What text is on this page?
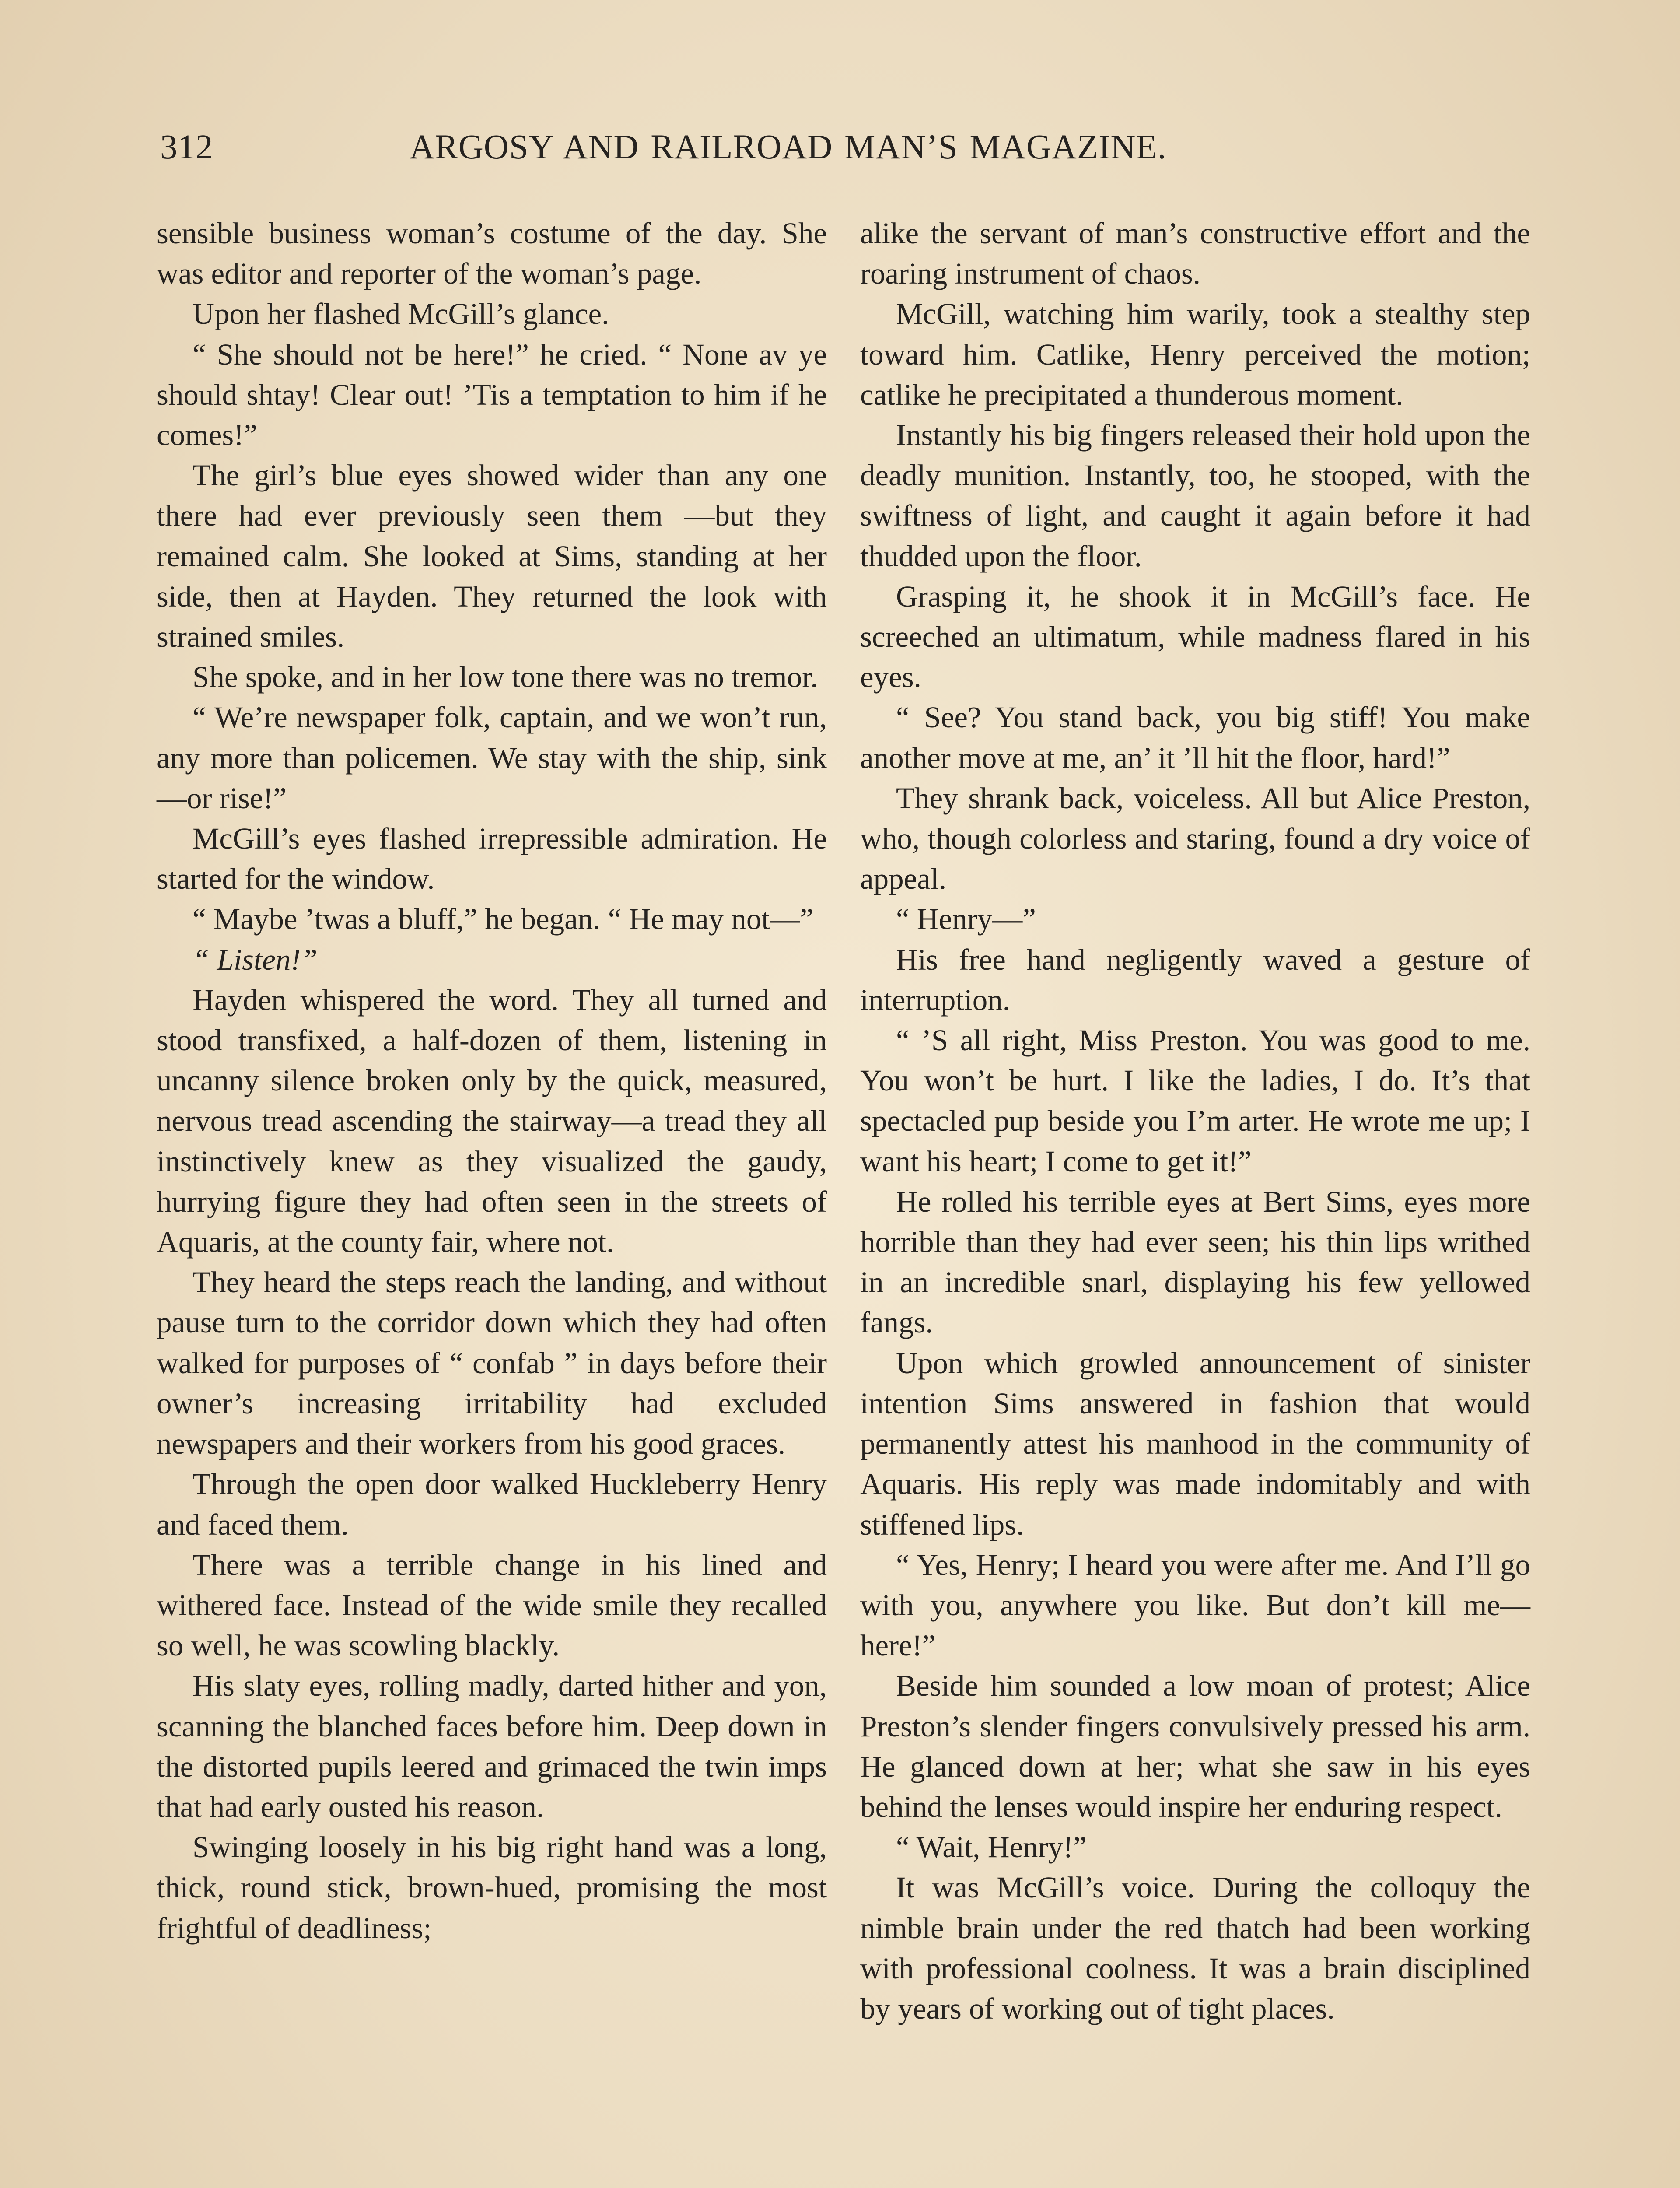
312	ARGOSY AND RAILROAD MAN’S MAGAZINE.

sensible business woman’s costume of the day. She was editor and reporter of the woman’s page.

Upon her flashed McGill’s glance.

“ She should not be here!” he cried. “ None av ye should shtay! Clear out! ’Tis a temptation to him if he comes!”

The girl’s blue eyes showed wider than any one there had ever previously seen them —but they remained calm. She looked at Sims, standing at her side, then at Hayden. They returned the look with strained smiles.

She spoke, and in her low tone there was no tremor.

“ We’re newspaper folk, captain, and we won’t run, any more than policemen. We stay with the ship, sink—or rise!”

McGill’s eyes flashed irrepressible admiration. He started for the window.

“ Maybe ’twas a bluff,” he began. “ He may not—”

“ Listen!”

Hayden whispered the word. They all turned and stood transfixed, a half-dozen of them, listening in uncanny silence broken only by the quick, measured, nervous tread ascending the stairway—a tread they all instinctively knew as they visualized the gaudy, hurrying figure they had often seen in the streets of Aquaris, at the county fair, where not.

They heard the steps reach the landing, and without pause turn to the corridor down which they had often walked for purposes of “ confab ” in days before their owner’s increasing irritability had excluded newspapers and their workers from his good graces.

Through the open door walked Huckleberry Henry and faced them.

There was a terrible change in his lined and withered face. Instead of the wide smile they recalled so well, he was scowling blackly.

His slaty eyes, rolling madly, darted hither and yon, scanning the blanched faces before him. Deep down in the distorted pupils leered and grimaced the twin imps that had early ousted his reason.

Swinging loosely in his big right hand was a long, thick, round stick, brown-hued, promising the most frightful of deadliness;

alike the servant of man’s constructive effort and the roaring instrument of chaos.

McGill, watching him warily, took a stealthy step toward him. Catlike, Henry perceived the motion; catlike he precipitated a thunderous moment.

Instantly his big fingers released their hold upon the deadly munition. Instantly, too, he stooped, with the swiftness of light, and caught it again before it had thudded upon the floor.

Grasping it, he shook it in McGill’s face. He screeched an ultimatum, while madness flared in his eyes.

“ See? You stand back, you big stiff! You make another move at me, an’ it ’ll hit the floor, hard!”

They shrank back, voiceless. All but Alice Preston, who, though colorless and staring, found a dry voice of appeal.

“ Henry—”

His free hand negligently waved a gesture of interruption.

“ ’S all right, Miss Preston. You was good to me. You won’t be hurt. I like the ladies, I do. It’s that spectacled pup beside you I’m arter. He wrote me up; I want his heart; I come to get it!”

He rolled his terrible eyes at Bert Sims, eyes more horrible than they had ever seen; his thin lips writhed in an incredible snarl, displaying his few yellowed fangs.

Upon which growled announcement of sinister intention Sims answered in fashion that would permanently attest his manhood in the community of Aquaris. His reply was made indomitably and with stiffened lips.

“ Yes, Henry; I heard you were after me. And I’ll go with you, anywhere you like. But don’t kill me—here!”

Beside him sounded a low moan of protest; Alice Preston’s slender fingers convulsively pressed his arm. He glanced down at her; what she saw in his eyes behind the lenses would inspire her enduring respect.

“ Wait, Henry!”

It was McGill’s voice. During the colloquy the nimble brain under the red thatch had been working with professional coolness. It was a brain disciplined by years of working out of tight places.
